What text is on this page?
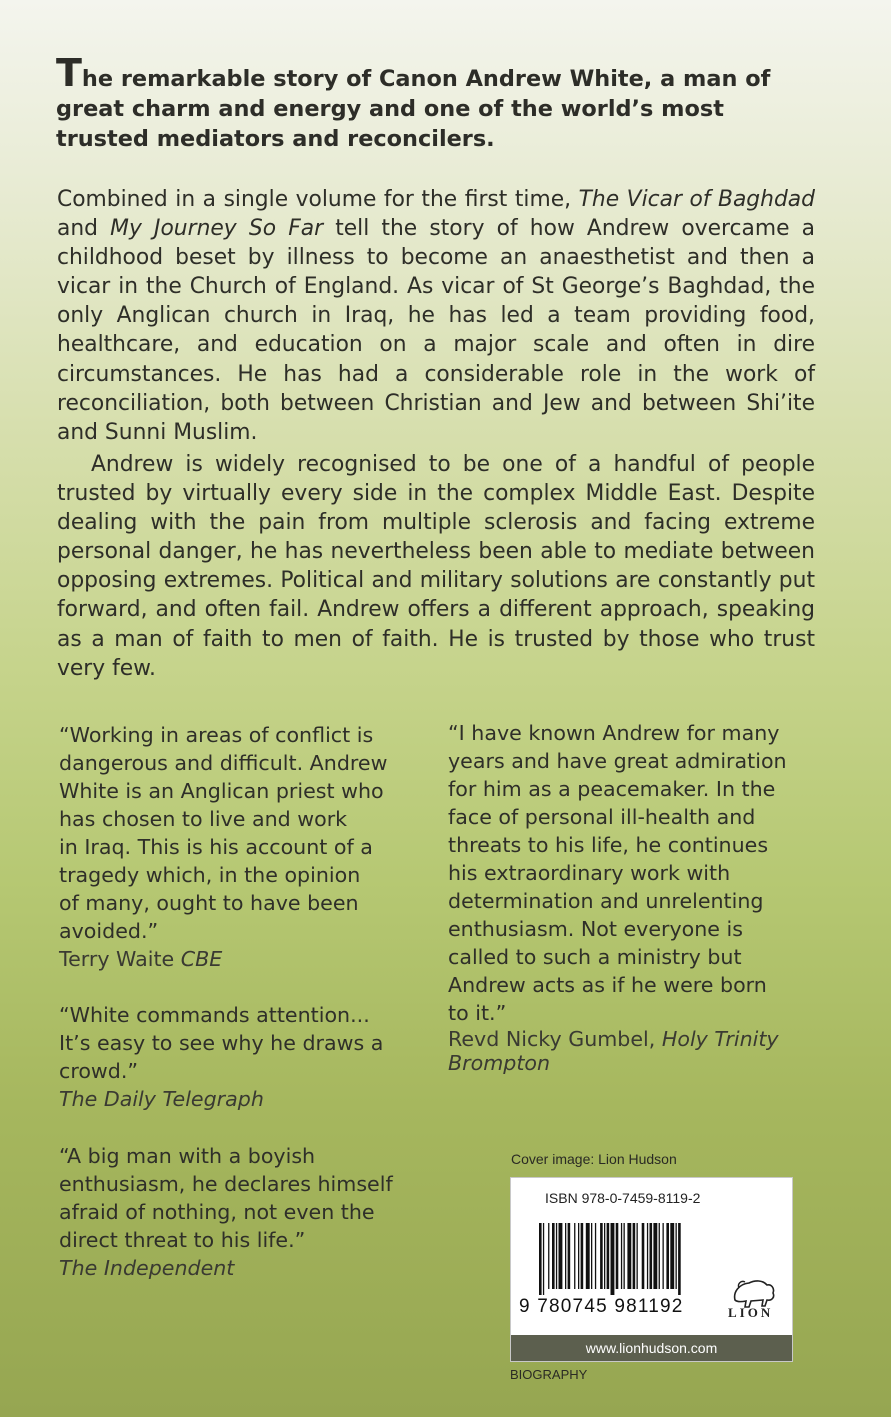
The remarkable story of Canon Andrew White, a man of great charm and energy and one of the world’s most trusted mediators and reconcilers.

Combined in a single volume for the first time, The Vicar of Baghdad and My Journey So Far tell the story of how Andrew overcame a childhood beset by illness to become an anaesthetist and then a vicar in the Church of England. As vicar of St George’s Baghdad, the only Anglican church in Iraq, he has led a team providing food, healthcare, and education on a major scale and often in dire circumstances. He has had a considerable role in the work of reconciliation, both between Christian and Jew and between Shi’ite and Sunni Muslim.

Andrew is widely recognised to be one of a handful of people trusted by virtually every side in the complex Middle East. Despite dealing with the pain from multiple sclerosis and facing extreme personal danger, he has nevertheless been able to mediate between opposing extremes. Political and military solutions are constantly put forward, and often fail. Andrew offers a different approach, speaking as a man of faith to men of faith. He is trusted by those who trust very few.

“Working in areas of conflict is
dangerous and difficult. Andrew
White is an Anglican priest who
has chosen to live and work
in Iraq. This is his account of a
tragedy which, in the opinion
of many, ought to have been
avoided.”
Terry Waite CBE
“I have known Andrew for many
years and have great admiration
for him as a peacemaker. In the
face of personal ill-health and
threats to his life, he continues
his extraordinary work with
determination and unrelenting
enthusiasm. Not everyone is
called to such a ministry but
Andrew acts as if he were born
to it.”
Revd Nicky Gumbel, Holy Trinity Brompton
“White commands attention...
It’s easy to see why he draws a
crowd.”
The Daily Telegraph
“A big man with a boyish
enthusiasm, he declares himself
afraid of nothing, not even the
direct threat to his life.”
The Independent
Cover image: Lion Hudson
ISBN 978-0-7459-8119-2
9 780745 981192	LION
www.lionhudson.com
BIOGRAPHY
